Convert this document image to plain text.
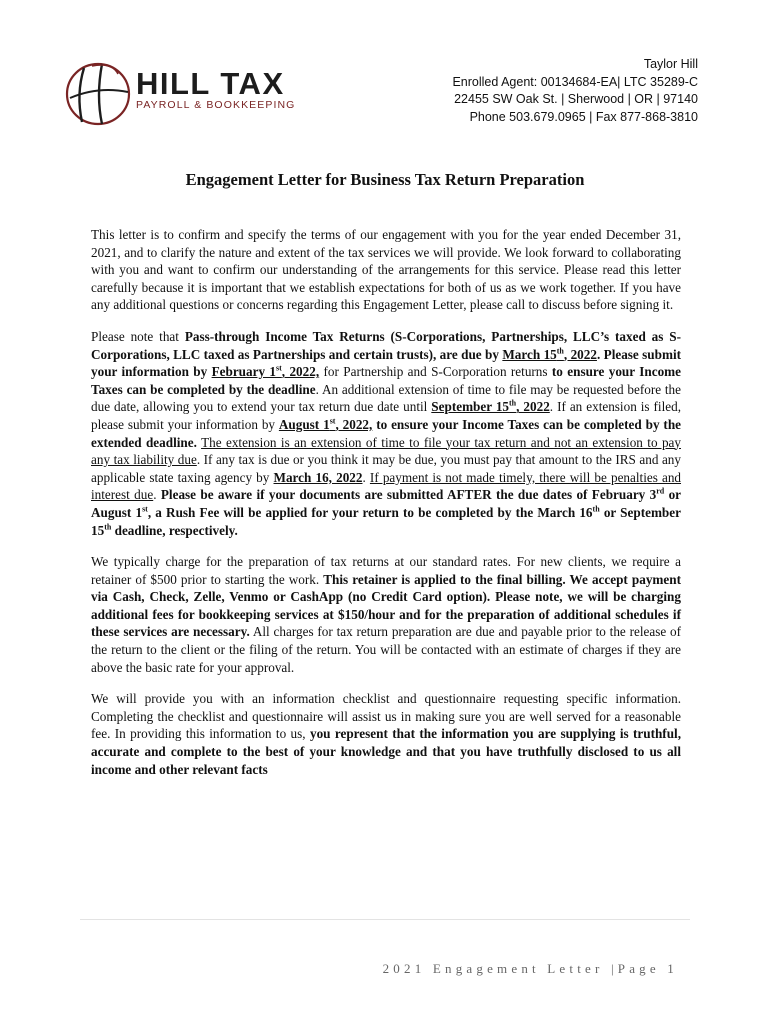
HILL TAX
PAYROLL & BOOKKEEPING
Taylor Hill
Enrolled Agent: 00134684-EA| LTC 35289-C
22455 SW Oak St. | Sherwood | OR | 97140
Phone 503.679.0965 | Fax 877-868-3810
Engagement Letter for Business Tax Return Preparation

This letter is to confirm and specify the terms of our engagement with you for the year ended December 31, 2021, and to clarify the nature and extent of the tax services we will provide. We look forward to collaborating with you and want to confirm our understanding of the arrangements for this service. Please read this letter carefully because it is important that we establish expectations for both of us as we work together. If you have any additional questions or concerns regarding this Engagement Letter, please call to discuss before signing it.

Please note that Pass-through Income Tax Returns (S-Corporations, Partnerships, LLC’s taxed as S-Corporations, LLC taxed as Partnerships and certain trusts), are due by March 15th, 2022. Please submit your information by February 1st, 2022, for Partnership and S-Corporation returns to ensure your Income Taxes can be completed by the deadline. An additional extension of time to file may be requested before the due date, allowing you to extend your tax return due date until September 15th, 2022. If an extension is filed, please submit your information by August 1st, 2022, to ensure your Income Taxes can be completed by the extended deadline. The extension is an extension of time to file your tax return and not an extension to pay any tax liability due. If any tax is due or you think it may be due, you must pay that amount to the IRS and any applicable state taxing agency by March 16, 2022. If payment is not made timely, there will be penalties and interest due. Please be aware if your documents are submitted AFTER the due dates of February 3rd or August 1st, a Rush Fee will be applied for your return to be completed by the March 16th or September 15th deadline, respectively.

We typically charge for the preparation of tax returns at our standard rates. For new clients, we require a retainer of $500 prior to starting the work. This retainer is applied to the final billing. We accept payment via Cash, Check, Zelle, Venmo or CashApp (no Credit Card option). Please note, we will be charging additional fees for bookkeeping services at $150/hour and for the preparation of additional schedules if these services are necessary. All charges for tax return preparation are due and payable prior to the release of the return to the client or the filing of the return. You will be contacted with an estimate of charges if they are above the basic rate for your approval.

We will provide you with an information checklist and questionnaire requesting specific information. Completing the checklist and questionnaire will assist us in making sure you are well served for a reasonable fee. In providing this information to us, you represent that the information you are supplying is truthful, accurate and complete to the best of your knowledge and that you have truthfully disclosed to us all income and other relevant facts

2021 Engagement Letter |Page 1
